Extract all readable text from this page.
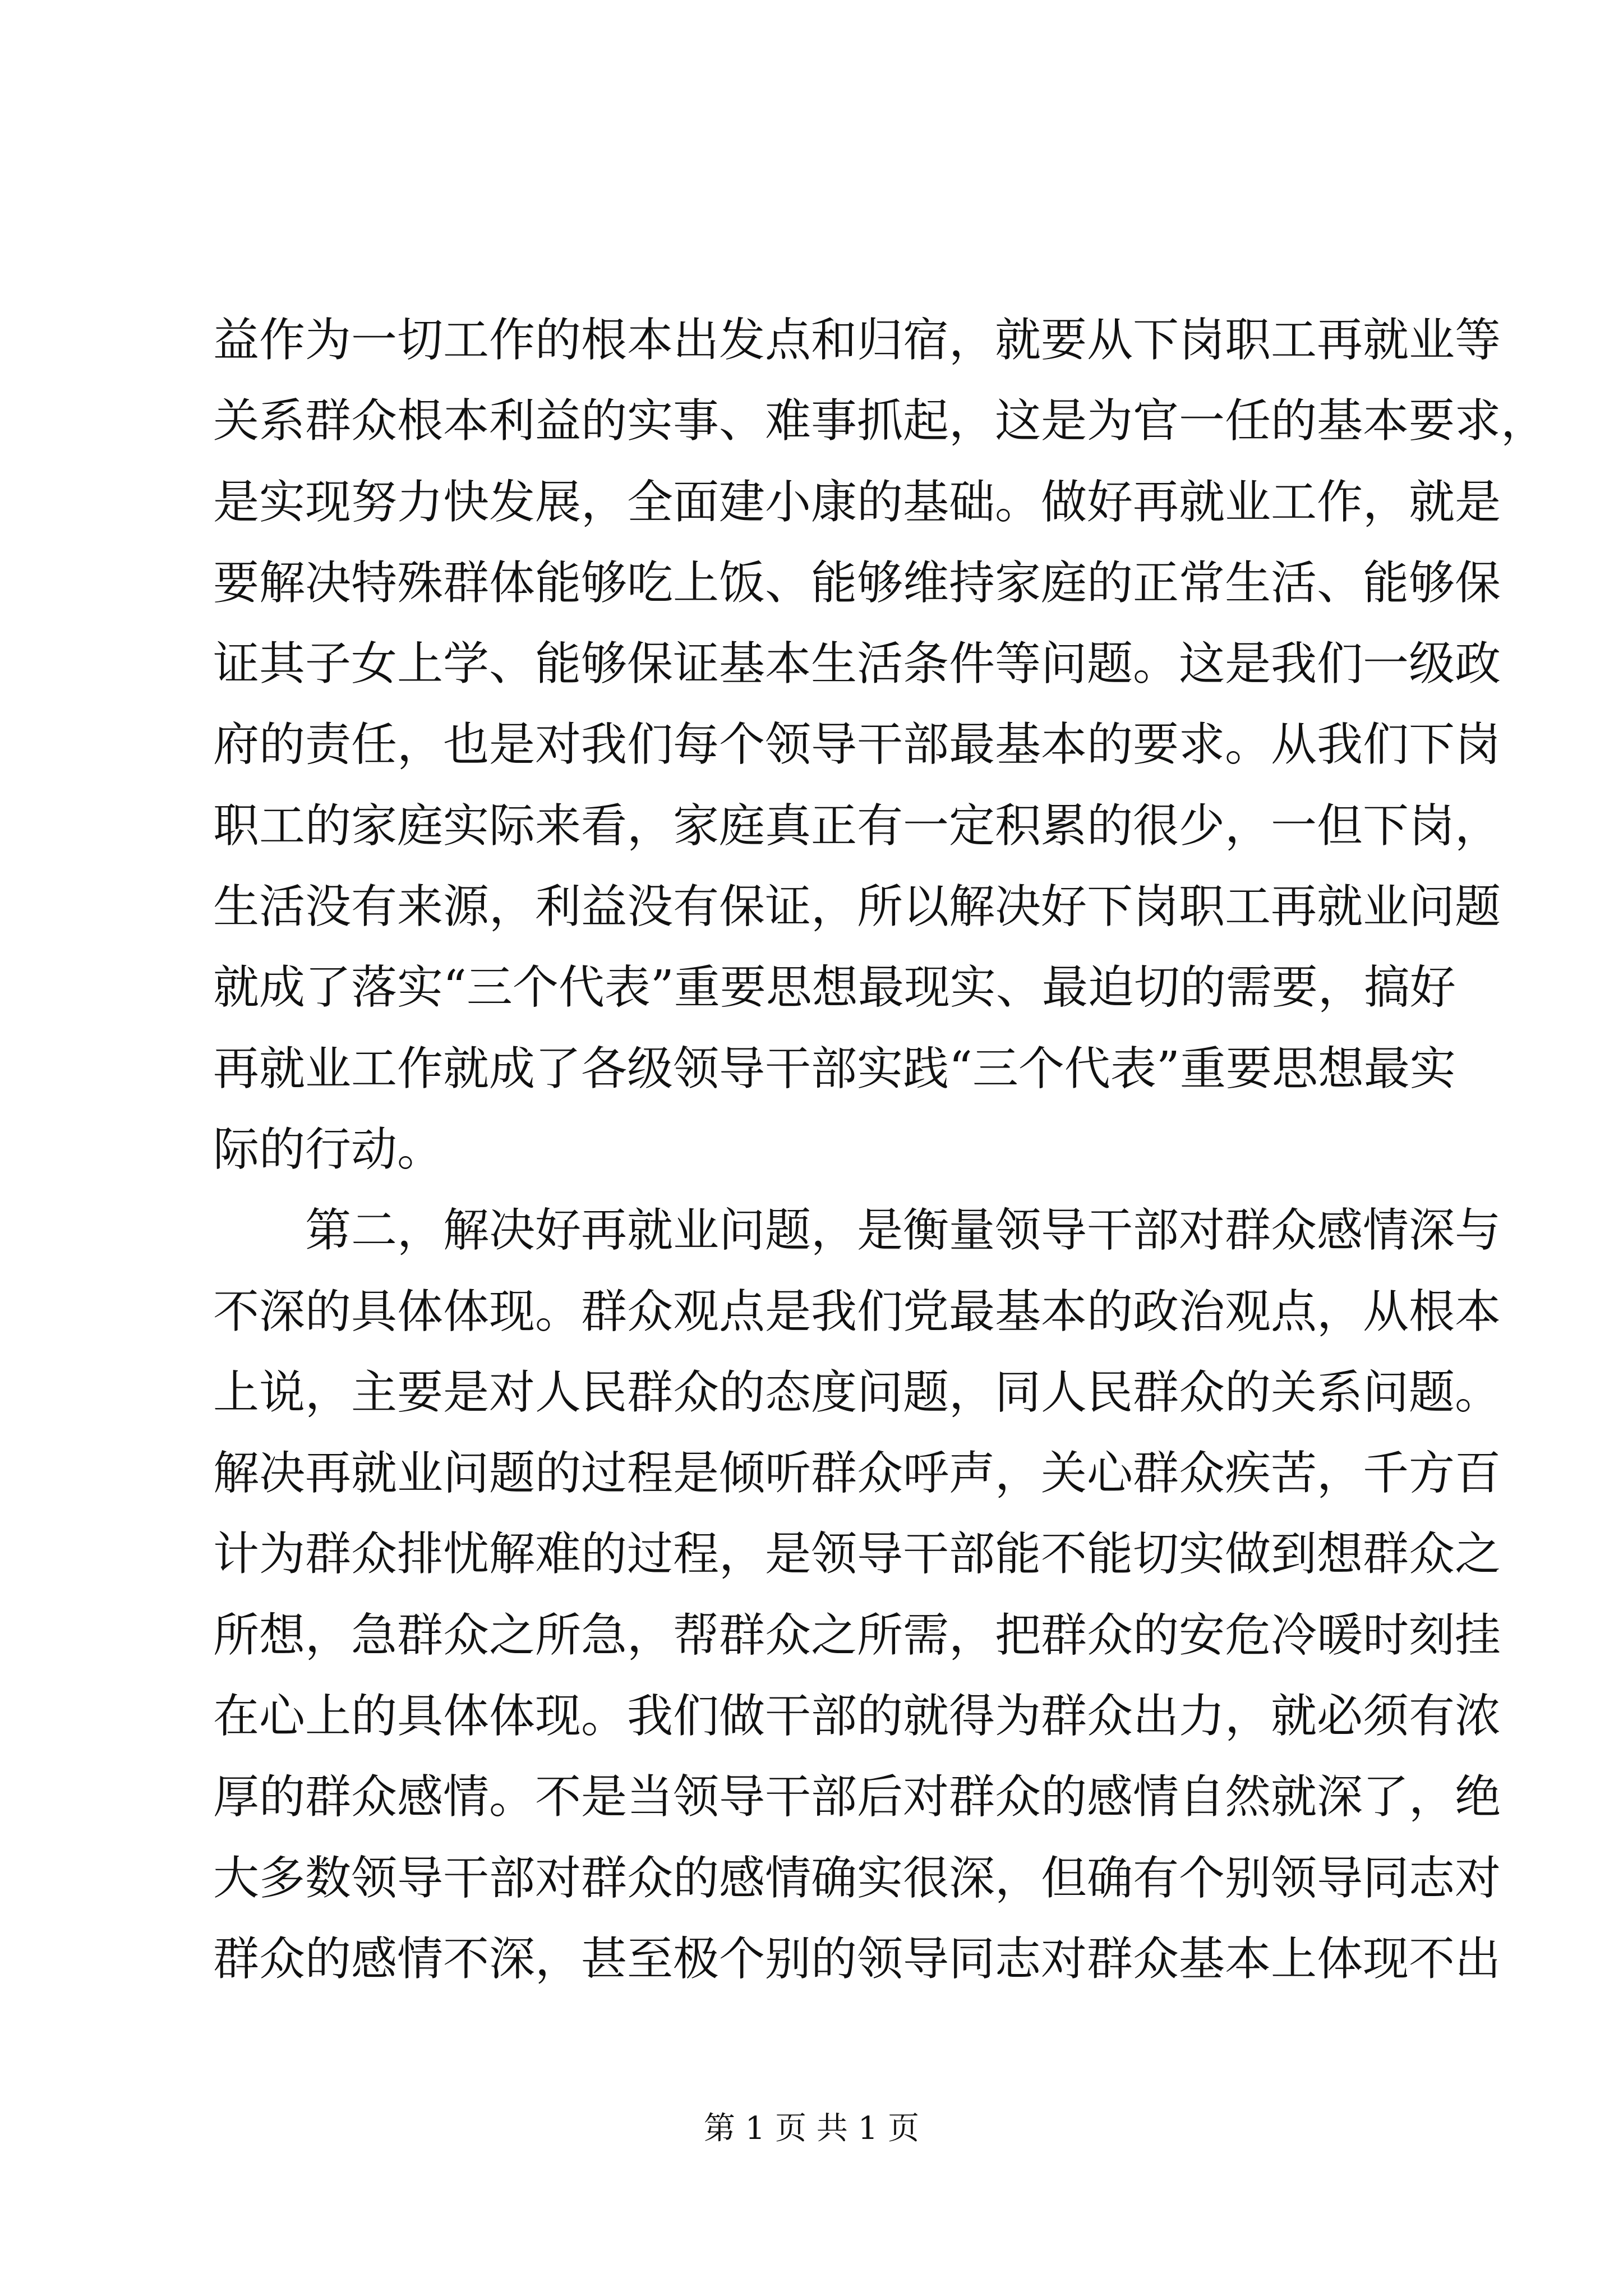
益作为一切工作的根本出发点和归宿，就要从下岗职工再就业等
关系群众根本利益的实事、难事抓起，这是为官一任的基本要求，
是实现努力快发展，全面建小康的基础。做好再就业工作，就是
要解决特殊群体能够吃上饭、能够维持家庭的正常生活、能够保
证其子女上学、能够保证基本生活条件等问题。这是我们一级政
府的责任，也是对我们每个领导干部最基本的要求。从我们下岗
职工的家庭实际来看，家庭真正有一定积累的很少，一但下岗，
生活没有来源，利益没有保证，所以解决好下岗职工再就业问题
就成了落实“三个代表”重要思想最现实、最迫切的需要，搞好
再就业工作就成了各级领导干部实践“三个代表”重要思想最实
际的行动。
第二，解决好再就业问题，是衡量领导干部对群众感情深与
不深的具体体现。群众观点是我们党最基本的政治观点，从根本
上说，主要是对人民群众的态度问题，同人民群众的关系问题。
解决再就业问题的过程是倾听群众呼声，关心群众疾苦，千方百
计为群众排忧解难的过程，是领导干部能不能切实做到想群众之
所想，急群众之所急，帮群众之所需，把群众的安危冷暖时刻挂
在心上的具体体现。我们做干部的就得为群众出力，就必须有浓
厚的群众感情。不是当领导干部后对群众的感情自然就深了，绝
大多数领导干部对群众的感情确实很深，但确有个别领导同志对
群众的感情不深，甚至极个别的领导同志对群众基本上体现不出
第 1 页 共 1 页
